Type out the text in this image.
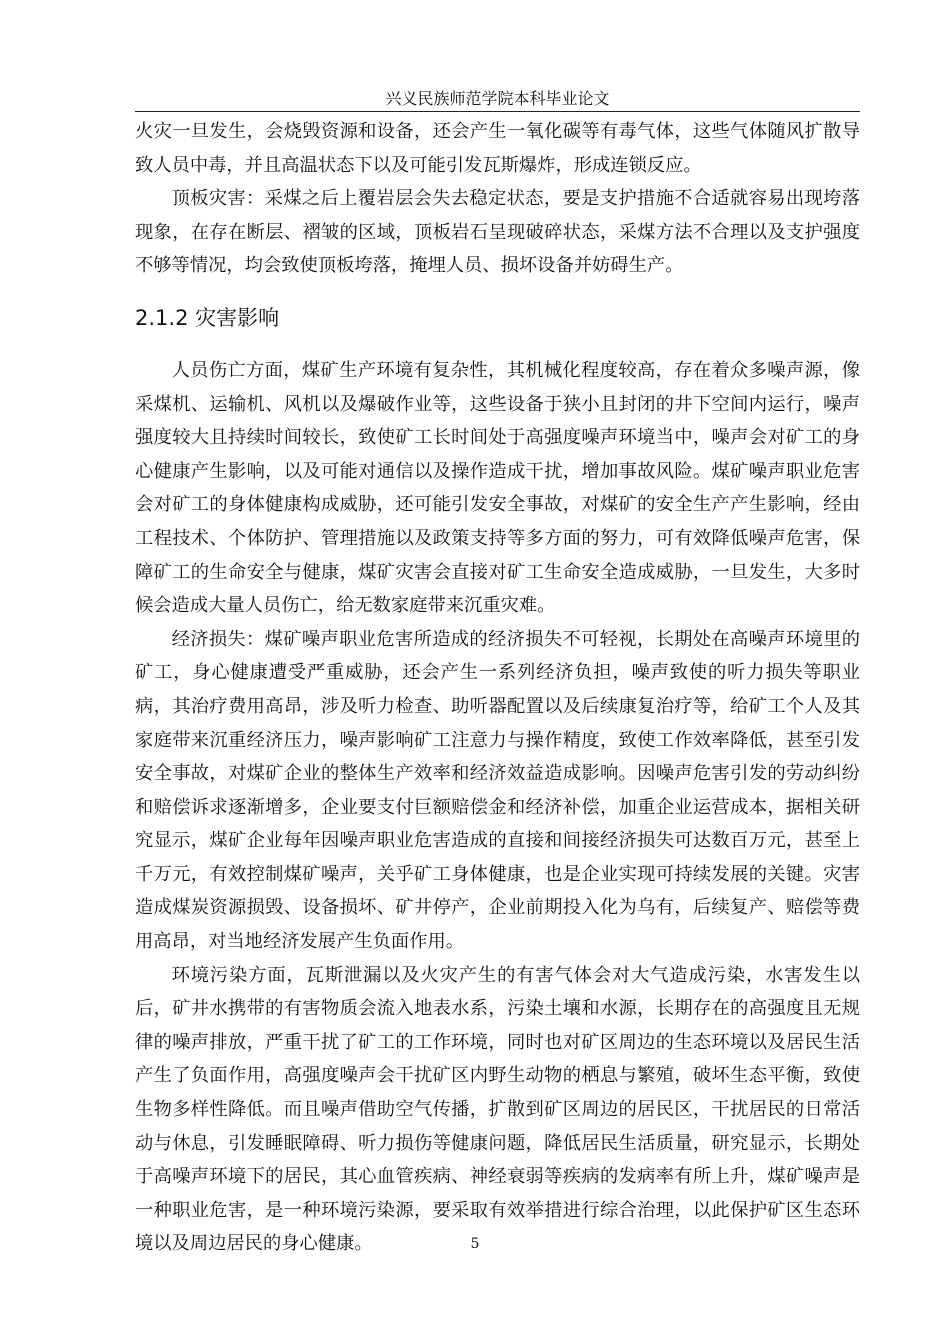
兴义民族师范学院本科毕业论文

火灾一旦发生，会烧毁资源和设备，还会产生一氧化碳等有毒气体，这些气体随风扩散导致人员中毒，并且高温状态下以及可能引发瓦斯爆炸，形成连锁反应。

顶板灾害：采煤之后上覆岩层会失去稳定状态，要是支护措施不合适就容易出现垮落现象，在存在断层、褶皱的区域，顶板岩石呈现破碎状态，采煤方法不合理以及支护强度不够等情况，均会致使顶板垮落，掩埋人员、损坏设备并妨碍生产。

2.1.2 灾害影响

人员伤亡方面，煤矿生产环境有复杂性，其机械化程度较高，存在着众多噪声源，像采煤机、运输机、风机以及爆破作业等，这些设备于狭小且封闭的井下空间内运行，噪声强度较大且持续时间较长，致使矿工长时间处于高强度噪声环境当中，噪声会对矿工的身心健康产生影响，以及可能对通信以及操作造成干扰，增加事故风险。煤矿噪声职业危害会对矿工的身体健康构成威胁，还可能引发安全事故，对煤矿的安全生产产生影响，经由工程技术、个体防护、管理措施以及政策支持等多方面的努力，可有效降低噪声危害，保障矿工的生命安全与健康，煤矿灾害会直接对矿工生命安全造成威胁，一旦发生，大多时候会造成大量人员伤亡，给无数家庭带来沉重灾难。

经济损失：煤矿噪声职业危害所造成的经济损失不可轻视，长期处在高噪声环境里的矿工，身心健康遭受严重威胁，还会产生一系列经济负担，噪声致使的听力损失等职业病，其治疗费用高昂，涉及听力检查、助听器配置以及后续康复治疗等，给矿工个人及其家庭带来沉重经济压力，噪声影响矿工注意力与操作精度，致使工作效率降低，甚至引发安全事故，对煤矿企业的整体生产效率和经济效益造成影响。因噪声危害引发的劳动纠纷和赔偿诉求逐渐增多，企业要支付巨额赔偿金和经济补偿，加重企业运营成本，据相关研究显示，煤矿企业每年因噪声职业危害造成的直接和间接经济损失可达数百万元，甚至上千万元，有效控制煤矿噪声，关乎矿工身体健康，也是企业实现可持续发展的关键。灾害造成煤炭资源损毁、设备损坏、矿井停产，企业前期投入化为乌有，后续复产、赔偿等费用高昂，对当地经济发展产生负面作用。

环境污染方面，瓦斯泄漏以及火灾产生的有害气体会对大气造成污染，水害发生以后，矿井水携带的有害物质会流入地表水系，污染土壤和水源，长期存在的高强度且无规律的噪声排放，严重干扰了矿工的工作环境，同时也对矿区周边的生态环境以及居民生活产生了负面作用，高强度噪声会干扰矿区内野生动物的栖息与繁殖，破坏生态平衡，致使生物多样性降低。而且噪声借助空气传播，扩散到矿区周边的居民区，干扰居民的日常活动与休息，引发睡眠障碍、听力损伤等健康问题，降低居民生活质量，研究显示，长期处于高噪声环境下的居民，其心血管疾病、神经衰弱等疾病的发病率有所上升，煤矿噪声是一种职业危害，是一种环境污染源，要采取有效举措进行综合治理，以此保护矿区生态环境以及周边居民的身心健康。	5
